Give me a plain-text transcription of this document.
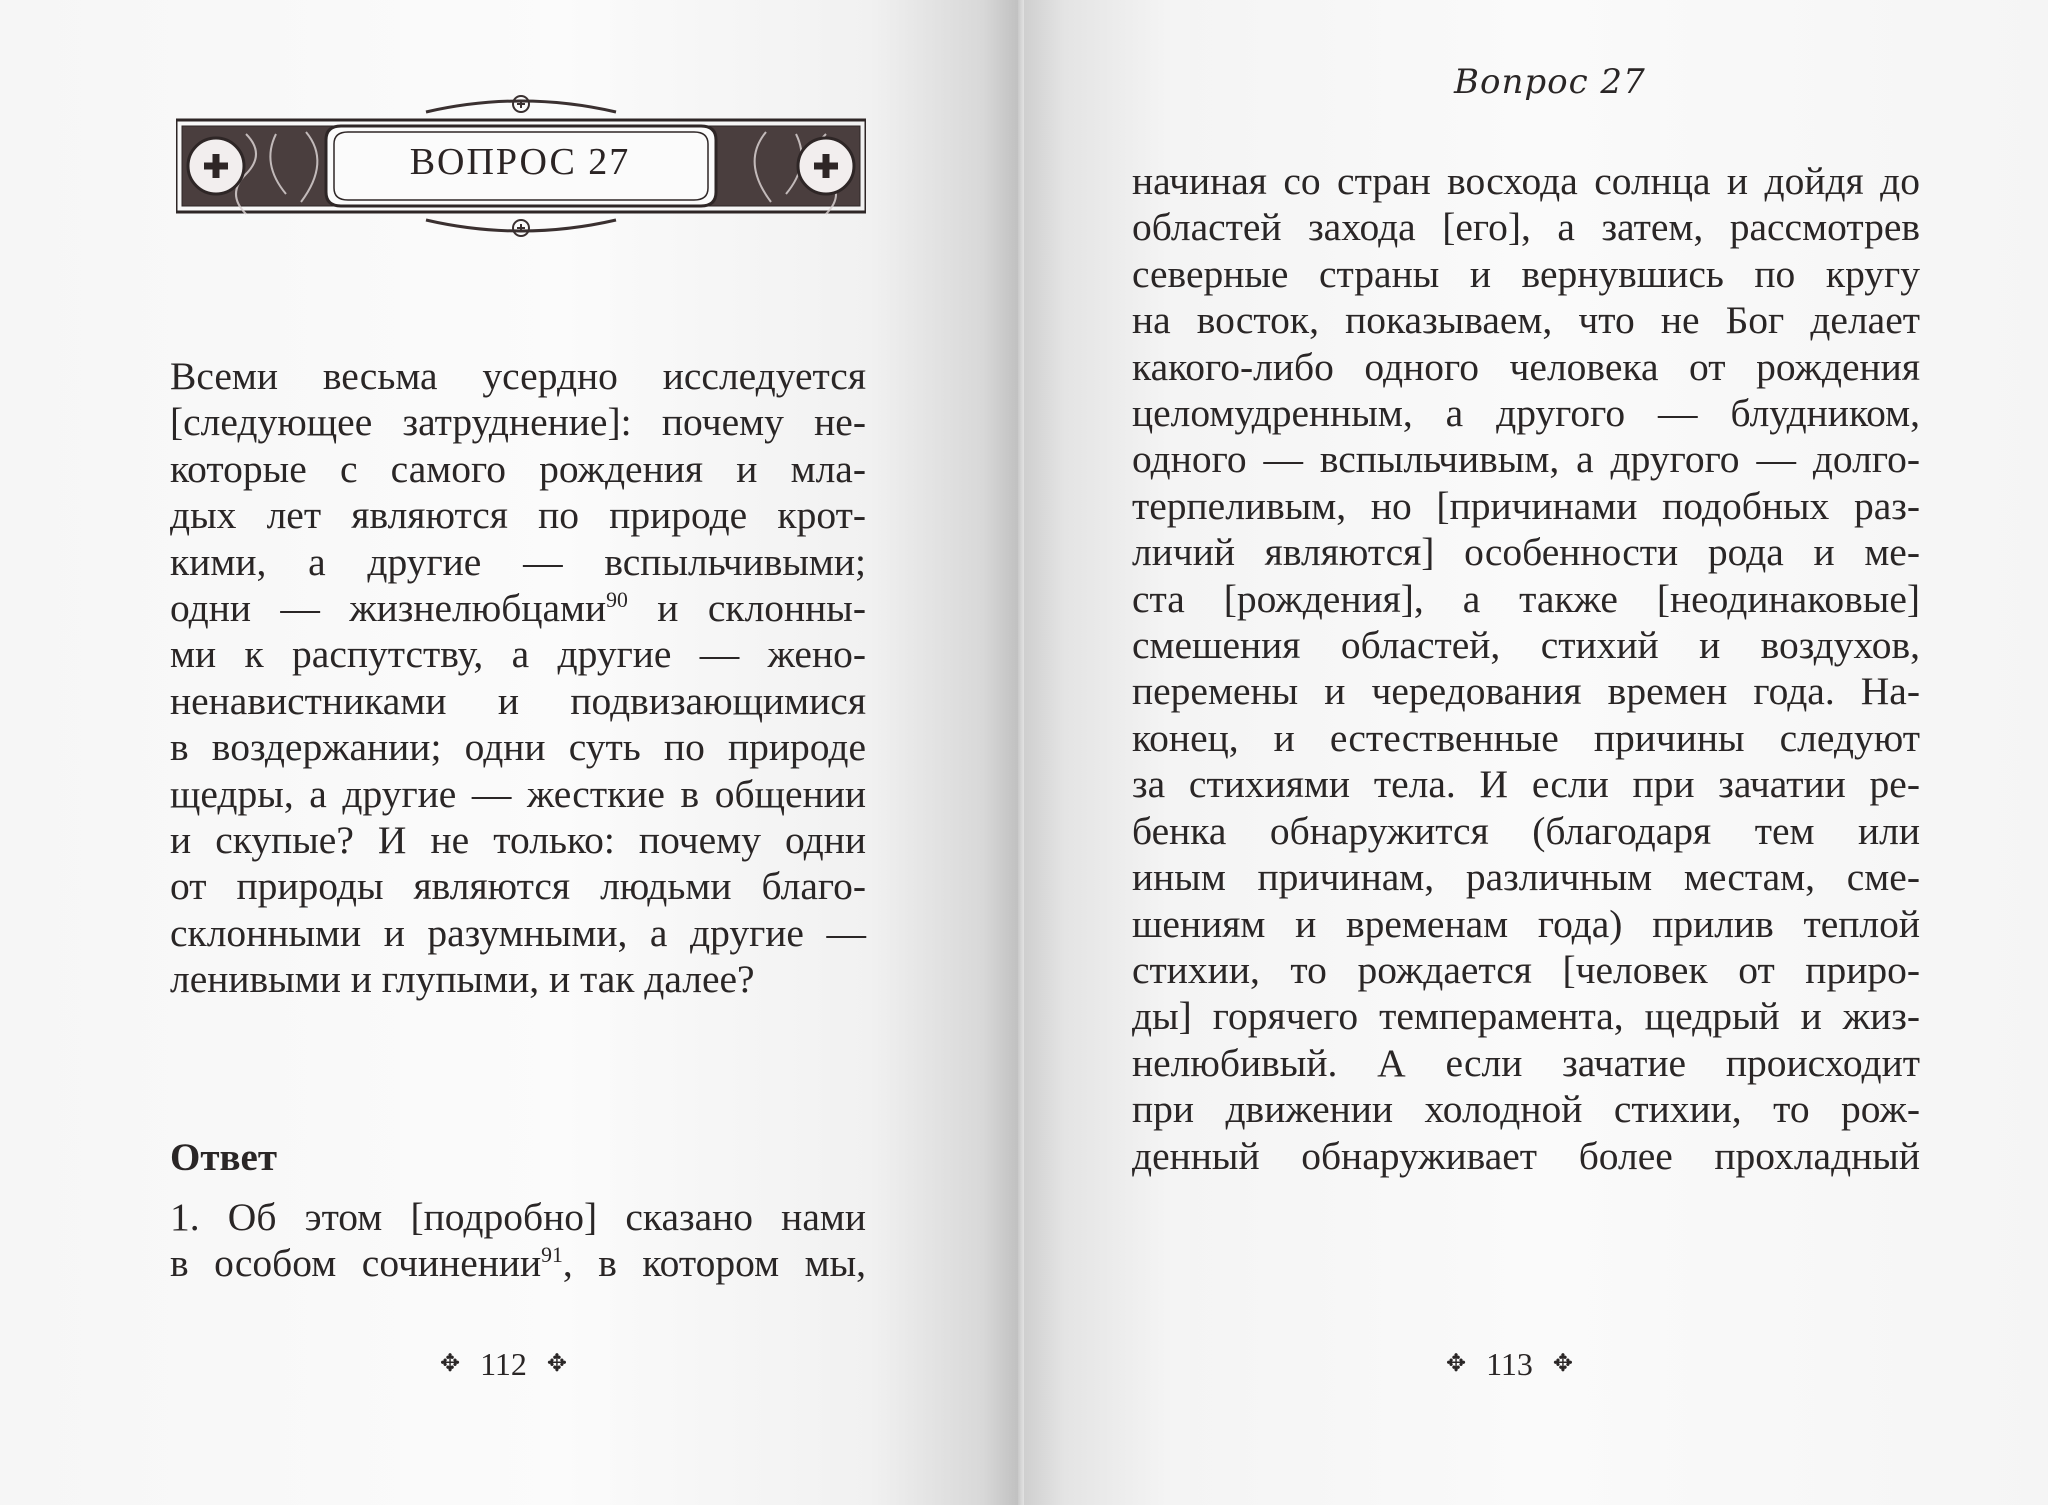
ВОПРОС 27
Всеми весьма усердно исследуется
[следующее затруднение]: почему не-
которые с самого рождения и мла-
дых лет являются по природе крот-
кими, а другие — вспыльчивыми;
одни — жизнелюбцами$^{90}$ и склонны-
ми к распутству, а другие — жено-
ненавистниками и подвизающимися
в воздержании; одни суть по природе
щедры, а другие — жесткие в общении
и скупые? И не только: почему одни
от природы являются людьми благо-
склонными и разумными, а другие —
ленивыми и глупыми, и так далее?
Ответ
1. Об этом [подробно] сказано нами
в особом сочинении$^{91}$, в котором мы,
✥ 112 ✥
Вопрос 27
начиная со стран восхода солнца и дойдя до
областей захода [его], а затем, рассмотрев
северные страны и вернувшись по кругу
на восток, показываем, что не Бог делает
какого-либо одного человека от рождения
целомудренным, а другого — блудником,
одного — вспыльчивым, а другого — долго-
терпеливым, но [причинами подобных раз-
личий являются] особенности рода и ме-
ста [рождения], а также [неодинаковые]
смешения областей, стихий и воздухов,
перемены и чередования времен года. На-
конец, и естественные причины следуют
за стихиями тела. И если при зачатии ре-
бенка обнаружится (благодаря тем или
иным причинам, различным местам, сме-
шениям и временам года) прилив теплой
стихии, то рождается [человек от приро-
ды] горячего темперамента, щедрый и жиз-
нелюбивый. А если зачатие происходит
при движении холодной стихии, то рож-
денный обнаруживает более прохладный
✥ 113 ✥
